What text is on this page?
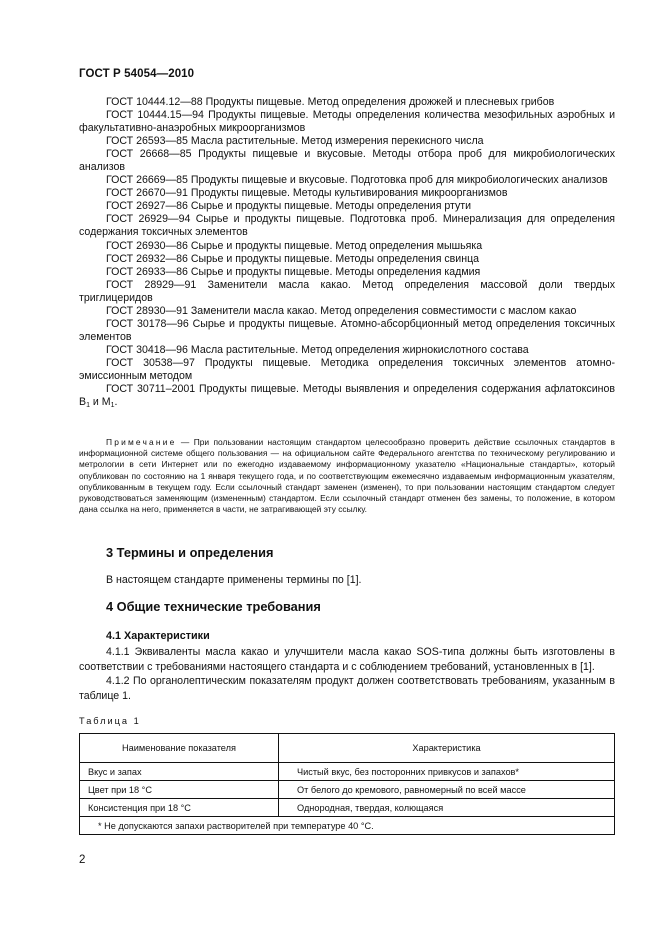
ГОСТ Р 54054—2010

ГОСТ 10444.12—88 Продукты пищевые. Метод определения дрожжей и плесневых грибов

ГОСТ 10444.15—94 Продукты пищевые. Методы определения количества мезофильных аэробных и факультативно-анаэробных микроорганизмов

ГОСТ 26593—85 Масла растительные. Метод измерения перекисного числа

ГОСТ 26668—85 Продукты пищевые и вкусовые. Методы отбора проб для микробиологических анализов

ГОСТ 26669—85 Продукты пищевые и вкусовые. Подготовка проб для микробиологических анализов

ГОСТ 26670—91 Продукты пищевые. Методы культивирования микроорганизмов

ГОСТ 26927—86 Сырье и продукты пищевые. Методы определения ртути

ГОСТ 26929—94 Сырье и продукты пищевые. Подготовка проб. Минерализация для определения содержания токсичных элементов

ГОСТ 26930—86 Сырье и продукты пищевые. Метод определения мышьяка

ГОСТ 26932—86 Сырье и продукты пищевые. Методы определения свинца

ГОСТ 26933—86 Сырье и продукты пищевые. Методы определения кадмия

ГОСТ 28929—91 Заменители масла какао. Метод определения массовой доли твердых триглицеридов

ГОСТ 28930—91 Заменители масла какао. Метод определения совместимости с маслом какао

ГОСТ 30178—96 Сырье и продукты пищевые. Атомно-абсорбционный метод определения токсичных элементов

ГОСТ 30418—96 Масла растительные. Метод определения жирнокислотного состава

ГОСТ 30538—97 Продукты пищевые. Методика определения токсичных элементов атомно-эмиссионным методом

ГОСТ 30711–2001 Продукты пищевые. Методы выявления и определения содержания афлатоксинов $B_1$ и $M_1$.

Примечание — При пользовании настоящим стандартом целесообразно проверить действие ссылочных стандартов в информационной системе общего пользования — на официальном сайте Федерального агентства по техническому регулированию и метрологии в сети Интернет или по ежегодно издаваемому информационному указателю «Национальные стандарты», который опубликован по состоянию на 1 января текущего года, и по соответствующим ежемесячно издаваемым информационным указателям, опубликованным в текущем году. Если ссылочный стандарт заменен (изменен), то при пользовании настоящим стандартом следует руководствоваться заменяющим (измененным) стандартом. Если ссылочный стандарт отменен без замены, то положение, в котором дана ссылка на него, применяется в части, не затрагивающей эту ссылку.

3 Термины и определения

В настоящем стандарте применены термины по [1].

4 Общие технические требования
4.1 Характеристики

4.1.1 Эквиваленты масла какао и улучшители масла какао SOS-типа должны быть изготовлены в соответствии с требованиями настоящего стандарта и с соблюдением требований, установленных в [1].

4.1.2 По органолептическим показателям продукт должен соответствовать требованиям, указанным в таблице 1.

Таблица 1
Наименование показателя	Характеристика
Вкус и запах	Чистый вкус, без посторонних привкусов и запахов*
Цвет при 18 °С	От белого до кремового, равномерный по всей массе
Консистенция при 18 °С	Однородная, твердая, колющаяся
* Не допускаются запахи растворителей при температуре 40 °С.	
2
